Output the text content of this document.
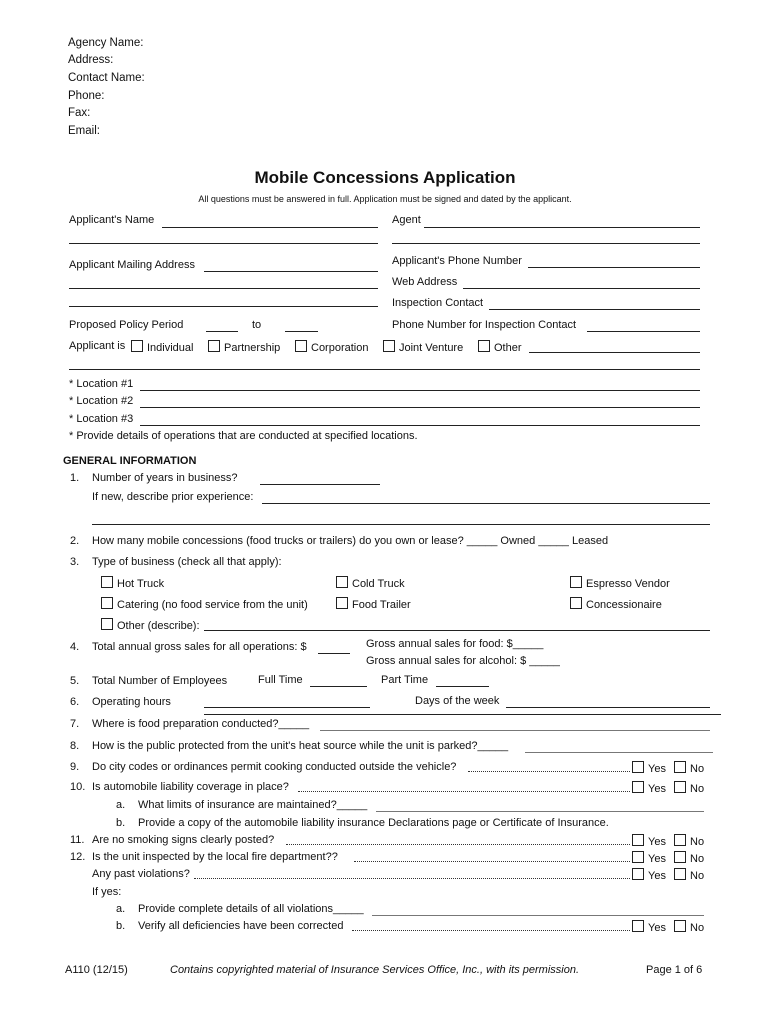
Agency Name:
Address:
Contact Name:
Phone:
Fax:
Email:
Mobile Concessions Application
All questions must be answered in full. Application must be signed and dated by the applicant.
Applicant's Name	Agent
Applicant Mailing Address	Applicant's Phone Number
Web Address
Inspection Contact
Proposed Policy Period	to	Phone Number for Inspection Contact
Applicant is	Individual	Partnership	Corporation	Joint Venture	Other
* Location #1
* Location #2
* Location #3
* Provide details of operations that are conducted at specified locations.
GENERAL INFORMATION
1. Number of years in business?
If new, describe prior experience:
2. How many mobile concessions (food trucks or trailers) do you own or lease? _____ Owned _____ Leased
3. Type of business (check all that apply):
Hot Truck	Cold Truck	Espresso Vendor
Catering (no food service from the unit)	Food Trailer	Concessionaire
Other (describe):
4. Total annual gross sales for all operations: $	Gross annual sales for food: $_____
Gross annual sales for alcohol: $ _____
5. Total Number of Employees	Full Time	Part Time
6. Operating hours	Days of the week
7. Where is food preparation conducted?_____
8. How is the public protected from the unit's heat source while the unit is parked?_____
9. Do city codes or ordinances permit cooking conducted outside the vehicle?	Yes	No
10. Is automobile liability coverage in place?	Yes	No
a. What limits of insurance are maintained?_____
b. Provide a copy of the automobile liability insurance Declarations page or Certificate of Insurance.
11. Are no smoking signs clearly posted?	Yes	No
12. Is the unit inspected by the local fire department??	Yes	No
Any past violations?	Yes	No
If yes:
a. Provide complete details of all violations_____
b. Verify all deficiencies have been corrected	Yes	No
A110 (12/15)	Contains copyrighted material of Insurance Services Office, Inc., with its permission.	Page 1 of 6
